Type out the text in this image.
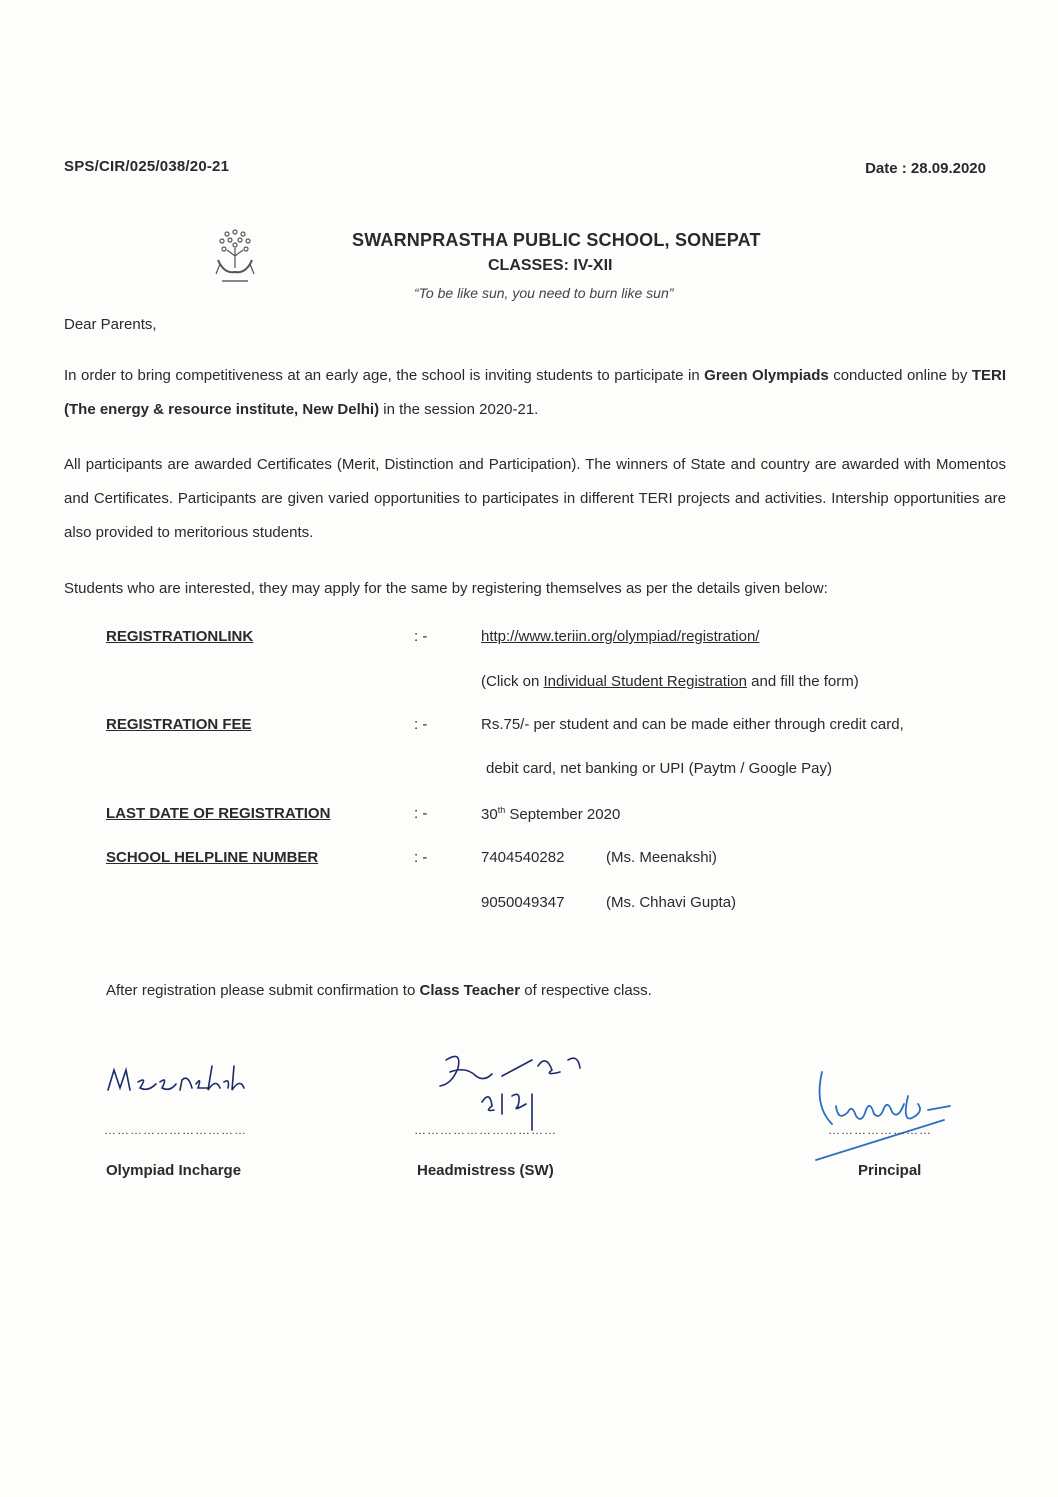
SPS/CIR/025/038/20-21	Date : 28.09.2020
SWARNPRASTHA PUBLIC SCHOOL, SONEPAT
CLASSES: IV-XII
“To be like sun, you need to burn like sun”
Dear Parents,
In order to bring competitiveness at an early age, the school is inviting students to participate in Green Olympiads conducted online by TERI (The energy & resource institute, New Delhi) in the session 2020-21.
All participants are awarded Certificates (Merit, Distinction and Participation). The winners of State and country are awarded with Momentos and Certificates. Participants are given varied opportunities to participates in different TERI projects and activities. Intership opportunities are also provided to meritorious students.
Students who are interested, they may apply for the same by registering themselves as per the details given below:
REGISTRATIONLINK	: -	http://www.teriin.org/olympiad/registration/
(Click on Individual Student Registration and fill the form)
REGISTRATION FEE	: -	Rs.75/- per student and can be made either through credit card,
debit card, net banking or UPI (Paytm / Google Pay)
LAST DATE OF REGISTRATION	: -	30th September 2020
SCHOOL HELPLINE NUMBER	: -	7404540282	(Ms. Meenakshi)
9050049347	(Ms. Chhavi Gupta)
After registration please submit confirmation to Class Teacher of respective class.
……………………………
Olympiad Incharge
……………………………
Headmistress (SW)
……………………
Principal
